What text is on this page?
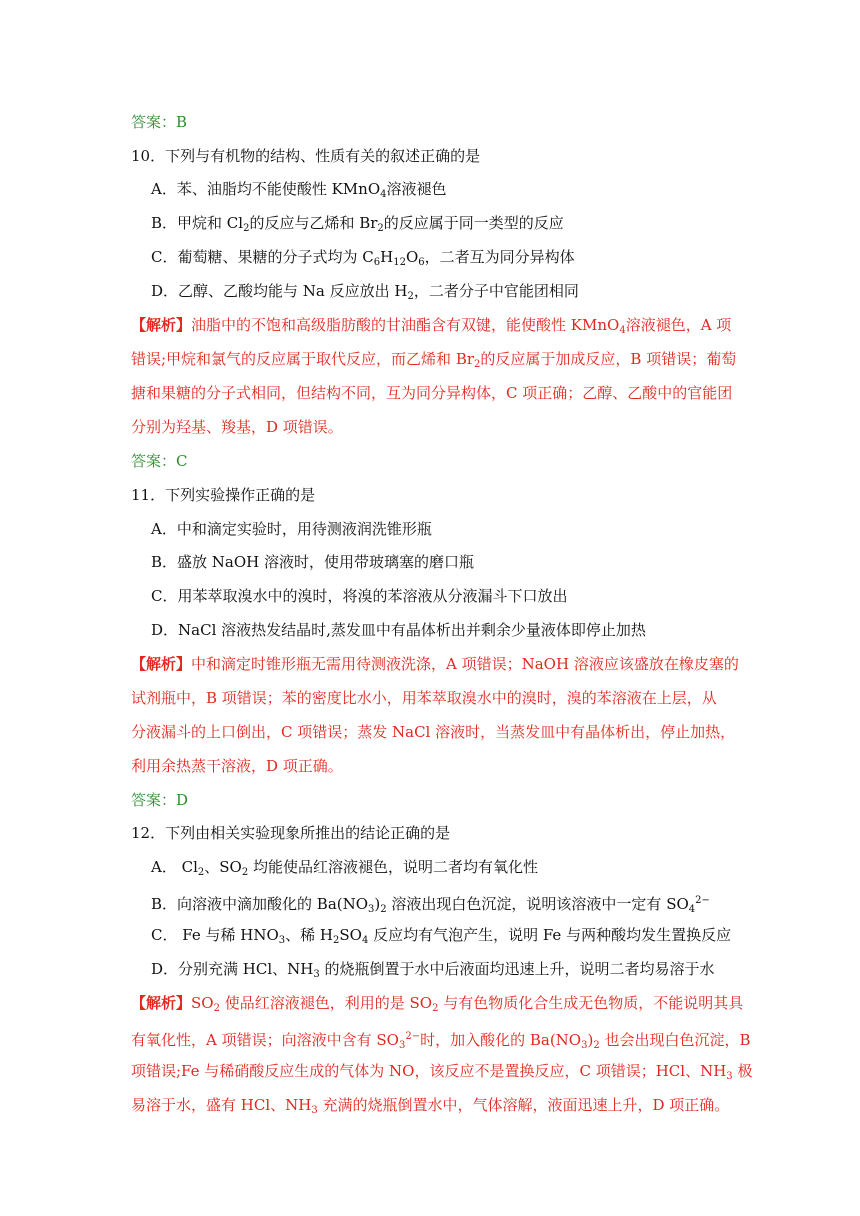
答案：B
10．下列与有机物的结构、性质有关的叙述正确的是
A．苯、油脂均不能使酸性 KMnO$_4$溶液褪色
B．甲烷和 $Cl_2$的反应与乙烯和 $Br_2$的反应属于同一类型的反应
C．葡萄糖、果糖的分子式均为 $C_6H_{12}O_6$，二者互为同分异构体
D．乙醇、乙酸均能与 Na 反应放出 $H_2$，二者分子中官能团相同
【解析】油脂中的不饱和高级脂肪酸的甘油酯含有双键，能使酸性 KMnO$_4$溶液褪色，A 项
错误;甲烷和氯气的反应属于取代反应，而乙烯和 $Br_2$的反应属于加成反应，B 项错误；葡萄
搪和果糖的分子式相同，但结构不同，互为同分异构体，C 项正确；乙醇、乙酸中的官能团
分别为羟基、羧基，D 项错误。
答案：C
11．下列实验操作正确的是
A．中和滴定实验时，用待测液润洗锥形瓶
B．盛放 NaOH 溶液时，使用带玻璃塞的磨口瓶
C．用苯萃取溴水中的溴时，将溴的苯溶液从分液漏斗下口放出
D．NaCl 溶液热发结晶时,蒸发皿中有晶体析出并剩余少量液体即停止加热
【解析】中和滴定时锥形瓶无需用待测液洗涤，A 项错误；NaOH 溶液应该盛放在橡皮塞的
试剂瓶中，B 项错误；苯的密度比水小，用苯萃取溴水中的溴时，溴的苯溶液在上层，从
分液漏斗的上口倒出，C 项错误；蒸发 NaCl 溶液时，当蒸发皿中有晶体析出，停止加热，
利用余热蒸干溶液，D 项正确。
答案：D
12．下列由相关实验现象所推出的结论正确的是
A． $Cl_2$、$SO_2$ 均能使品红溶液褪色，说明二者均有氧化性
B．向溶液中滴加酸化的 $Ba(NO_3)_2$ 溶液出现白色沉淀，说明该溶液中一定有 $SO_4^{2-}$
C． Fe 与稀 $HNO_3$、稀 $H_2SO_4$ 反应均有气泡产生，说明 Fe 与两种酸均发生置换反应
D．分别充满 HCl、$NH_3$ 的烧瓶倒置于水中后液面均迅速上升，说明二者均易溶于水
【解析】$SO_2$ 使品红溶液褪色，利用的是 $SO_2$ 与有色物质化合生成无色物质，不能说明其具
有氧化性，A 项错误；向溶液中含有 $SO_3^{2-}$时，加入酸化的 $Ba(NO_3)_2$ 也会出现白色沉淀，B
项错误;Fe 与稀硝酸反应生成的气体为 NO，该反应不是置换反应，C 项错误；HCl、$NH_3$ 极
易溶于水，盛有 HCl、$NH_3$ 充满的烧瓶倒置水中，气体溶解，液面迅速上升，D 项正确。
